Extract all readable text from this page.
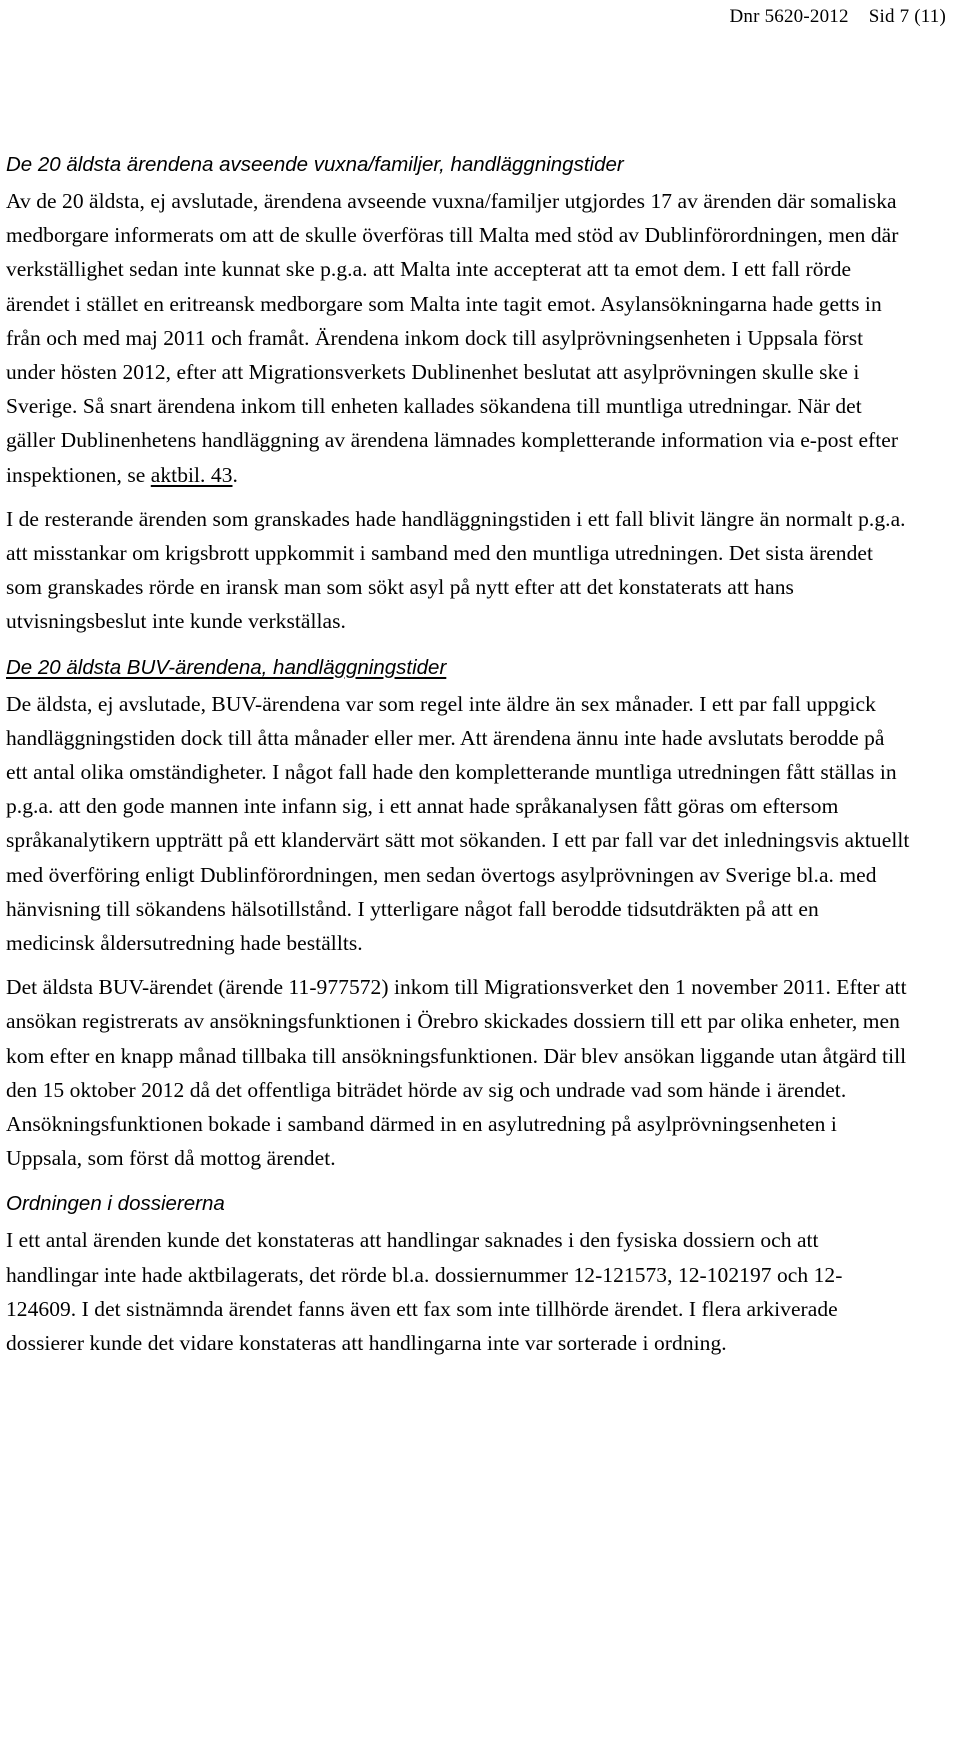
Dnr 5620-2012 Sid 7 (11)
De 20 äldsta ärendena avseende vuxna/familjer, handläggningstider

Av de 20 äldsta, ej avslutade, ärendena avseende vuxna/familjer utgjordes 17 av ärenden där somaliska medborgare informerats om att de skulle överföras till Malta med stöd av Dublinförordningen, men där verkställighet sedan inte kunnat ske p.g.a. att Malta inte accepterat att ta emot dem. I ett fall rörde ärendet i stället en eritreansk medborgare som Malta inte tagit emot. Asylansökningarna hade getts in från och med maj 2011 och framåt. Ärendena inkom dock till asylprövningsenheten i Uppsala först under hösten 2012, efter att Migrationsverkets Dublinenhet beslutat att asylprövningen skulle ske i Sverige. Så snart ärendena inkom till enheten kallades sökandena till muntliga utredningar. När det gäller Dublinenhetens handläggning av ärendena lämnades kompletterande information via e-post efter inspektionen, se aktbil. 43.

I de resterande ärenden som granskades hade handläggningstiden i ett fall blivit längre än normalt p.g.a. att misstankar om krigsbrott uppkommit i samband med den muntliga utredningen. Det sista ärendet som granskades rörde en iransk man som sökt asyl på nytt efter att det konstaterats att hans utvisningsbeslut inte kunde verkställas.

De 20 äldsta BUV-ärendena, handläggningstider

De äldsta, ej avslutade, BUV-ärendena var som regel inte äldre än sex månader. I ett par fall uppgick handläggningstiden dock till åtta månader eller mer. Att ärendena ännu inte hade avslutats berodde på ett antal olika omständigheter. I något fall hade den kompletterande muntliga utredningen fått ställas in p.g.a. att den gode mannen inte infann sig, i ett annat hade språkanalysen fått göras om eftersom språkanalytikern uppträtt på ett klandervärt sätt mot sökanden. I ett par fall var det inledningsvis aktuellt med överföring enligt Dublinförordningen, men sedan övertogs asylprövningen av Sverige bl.a. med hänvisning till sökandens hälsotillstånd. I ytterligare något fall berodde tidsutdräkten på att en medicinsk åldersutredning hade beställts.

Det äldsta BUV-ärendet (ärende 11-977572) inkom till Migrationsverket den 1 november 2011. Efter att ansökan registrerats av ansökningsfunktionen i Örebro skickades dossiern till ett par olika enheter, men kom efter en knapp månad tillbaka till ansökningsfunktionen. Där blev ansökan liggande utan åtgärd till den 15 oktober 2012 då det offentliga biträdet hörde av sig och undrade vad som hände i ärendet. Ansökningsfunktionen bokade i samband därmed in en asylutredning på asylprövningsenheten i Uppsala, som först då mottog ärendet.

Ordningen i dossiererna

I ett antal ärenden kunde det konstateras att handlingar saknades i den fysiska dossiern och att handlingar inte hade aktbilagerats, det rörde bl.a. dossiernummer 12-121573, 12-102197 och 12-124609. I det sistnämnda ärendet fanns även ett fax som inte tillhörde ärendet. I flera arkiverade dossierer kunde det vidare konstateras att handlingarna inte var sorterade i ordning.
